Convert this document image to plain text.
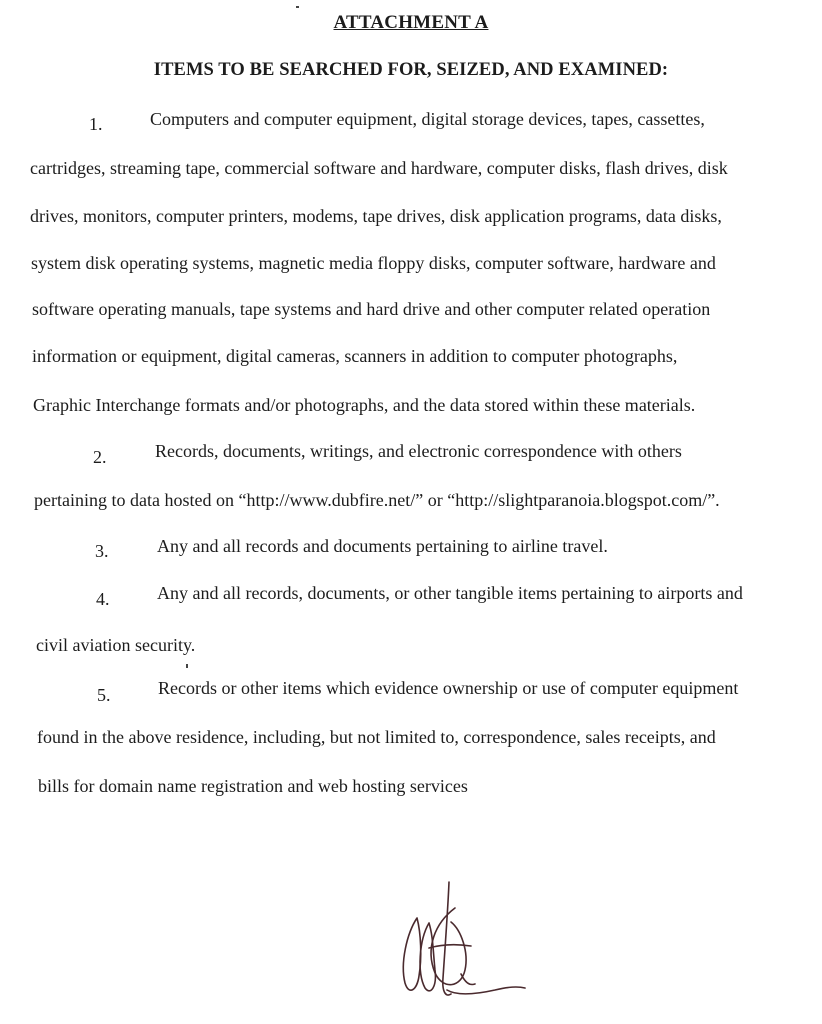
ATTACHMENT A
ITEMS TO BE SEARCHED FOR, SEIZED, AND EXAMINED:
1.	Computers and computer equipment, digital storage devices, tapes, cassettes,
cartridges, streaming tape, commercial software and hardware, computer disks, flash drives, disk
drives, monitors, computer printers, modems, tape drives, disk application programs, data disks,
system disk operating systems, magnetic media floppy disks, computer software, hardware and
software operating manuals, tape systems and hard drive and other computer related operation
information or equipment, digital cameras, scanners in addition to computer photographs,
Graphic Interchange formats and/or photographs, and the data stored within these materials.
2.	Records, documents, writings, and electronic correspondence with others
pertaining to data hosted on “http://www.dubfire.net/” or “http://slightparanoia.blogspot.com/”.
3.	Any and all records and documents pertaining to airline travel.
4.	Any and all records, documents, or other tangible items pertaining to airports and
civil aviation security.
5.	Records or other items which evidence ownership or use of computer equipment
found in the above residence, including, but not limited to, correspondence, sales receipts, and
bills for domain name registration and web hosting services
